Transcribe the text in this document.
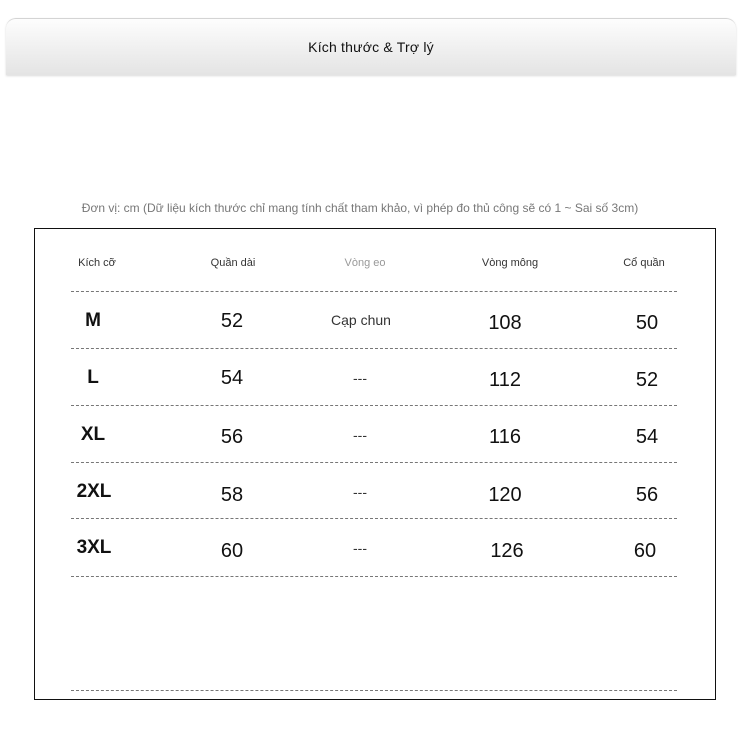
Kích thước & Trợ lý
Đơn vị: cm (Dữ liệu kích thước chỉ mang tính chất tham khảo, vì phép đo thủ công sẽ có 1 ~ Sai số 3cm)
Kích cỡ	Quần dài	Vòng eo	Vòng mông	Cổ quần
M	52	Cạp chun	108	50
L	54	---	112	52
XL	56	---	116	54
2XL	58	---	120	56
3XL	60	---	126	60
